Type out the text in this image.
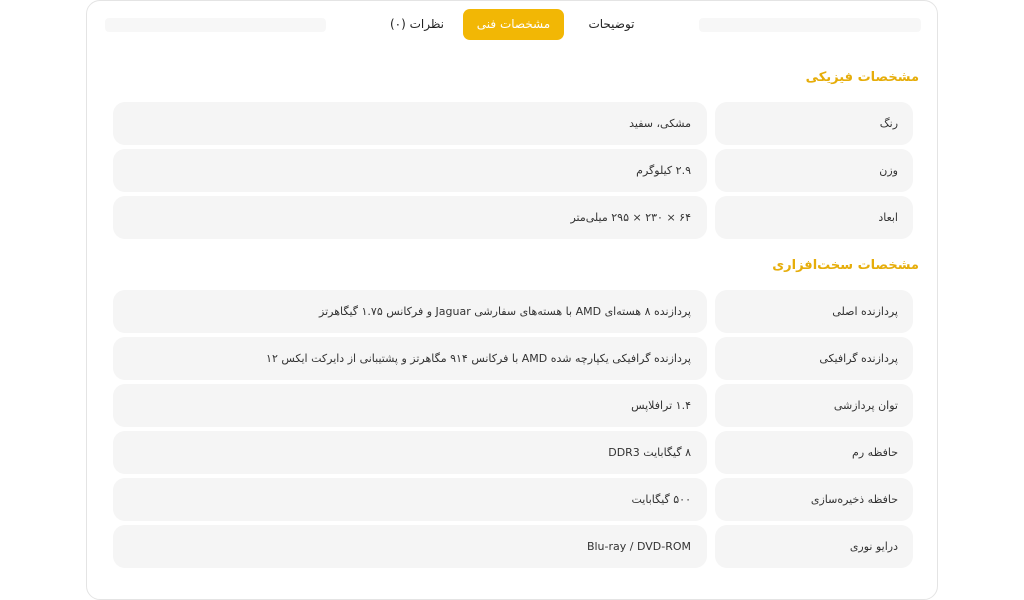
نظرات (۰)	مشخصات فنی	توضیحات
مشخصات فیزیکی
مشکی، سفید	رنگ
۲.۹ کیلوگرم	وزن
۶۴ × ۲۳۰ × ۲۹۵ میلی‌متر	ابعاد
مشخصات سخت‌افزاری
پردازنده ۸ هسته‌ای AMD با هسته‌های سفارشی Jaguar و فرکانس ۱.۷۵ گیگاهرتز	پردازنده اصلی
پردازنده گرافیکی یکپارچه شده AMD با فرکانس ۹۱۴ مگاهرتز و پشتیبانی از دایرکت ایکس ۱۲	پردازنده گرافیکی
۱.۴ ترافلاپس	توان پردازشی
۸ گیگابایت DDR3	حافظه رم
۵۰۰ گیگابایت	حافظه ذخیره‌سازی
Blu-ray / DVD-ROM	درایو نوری
